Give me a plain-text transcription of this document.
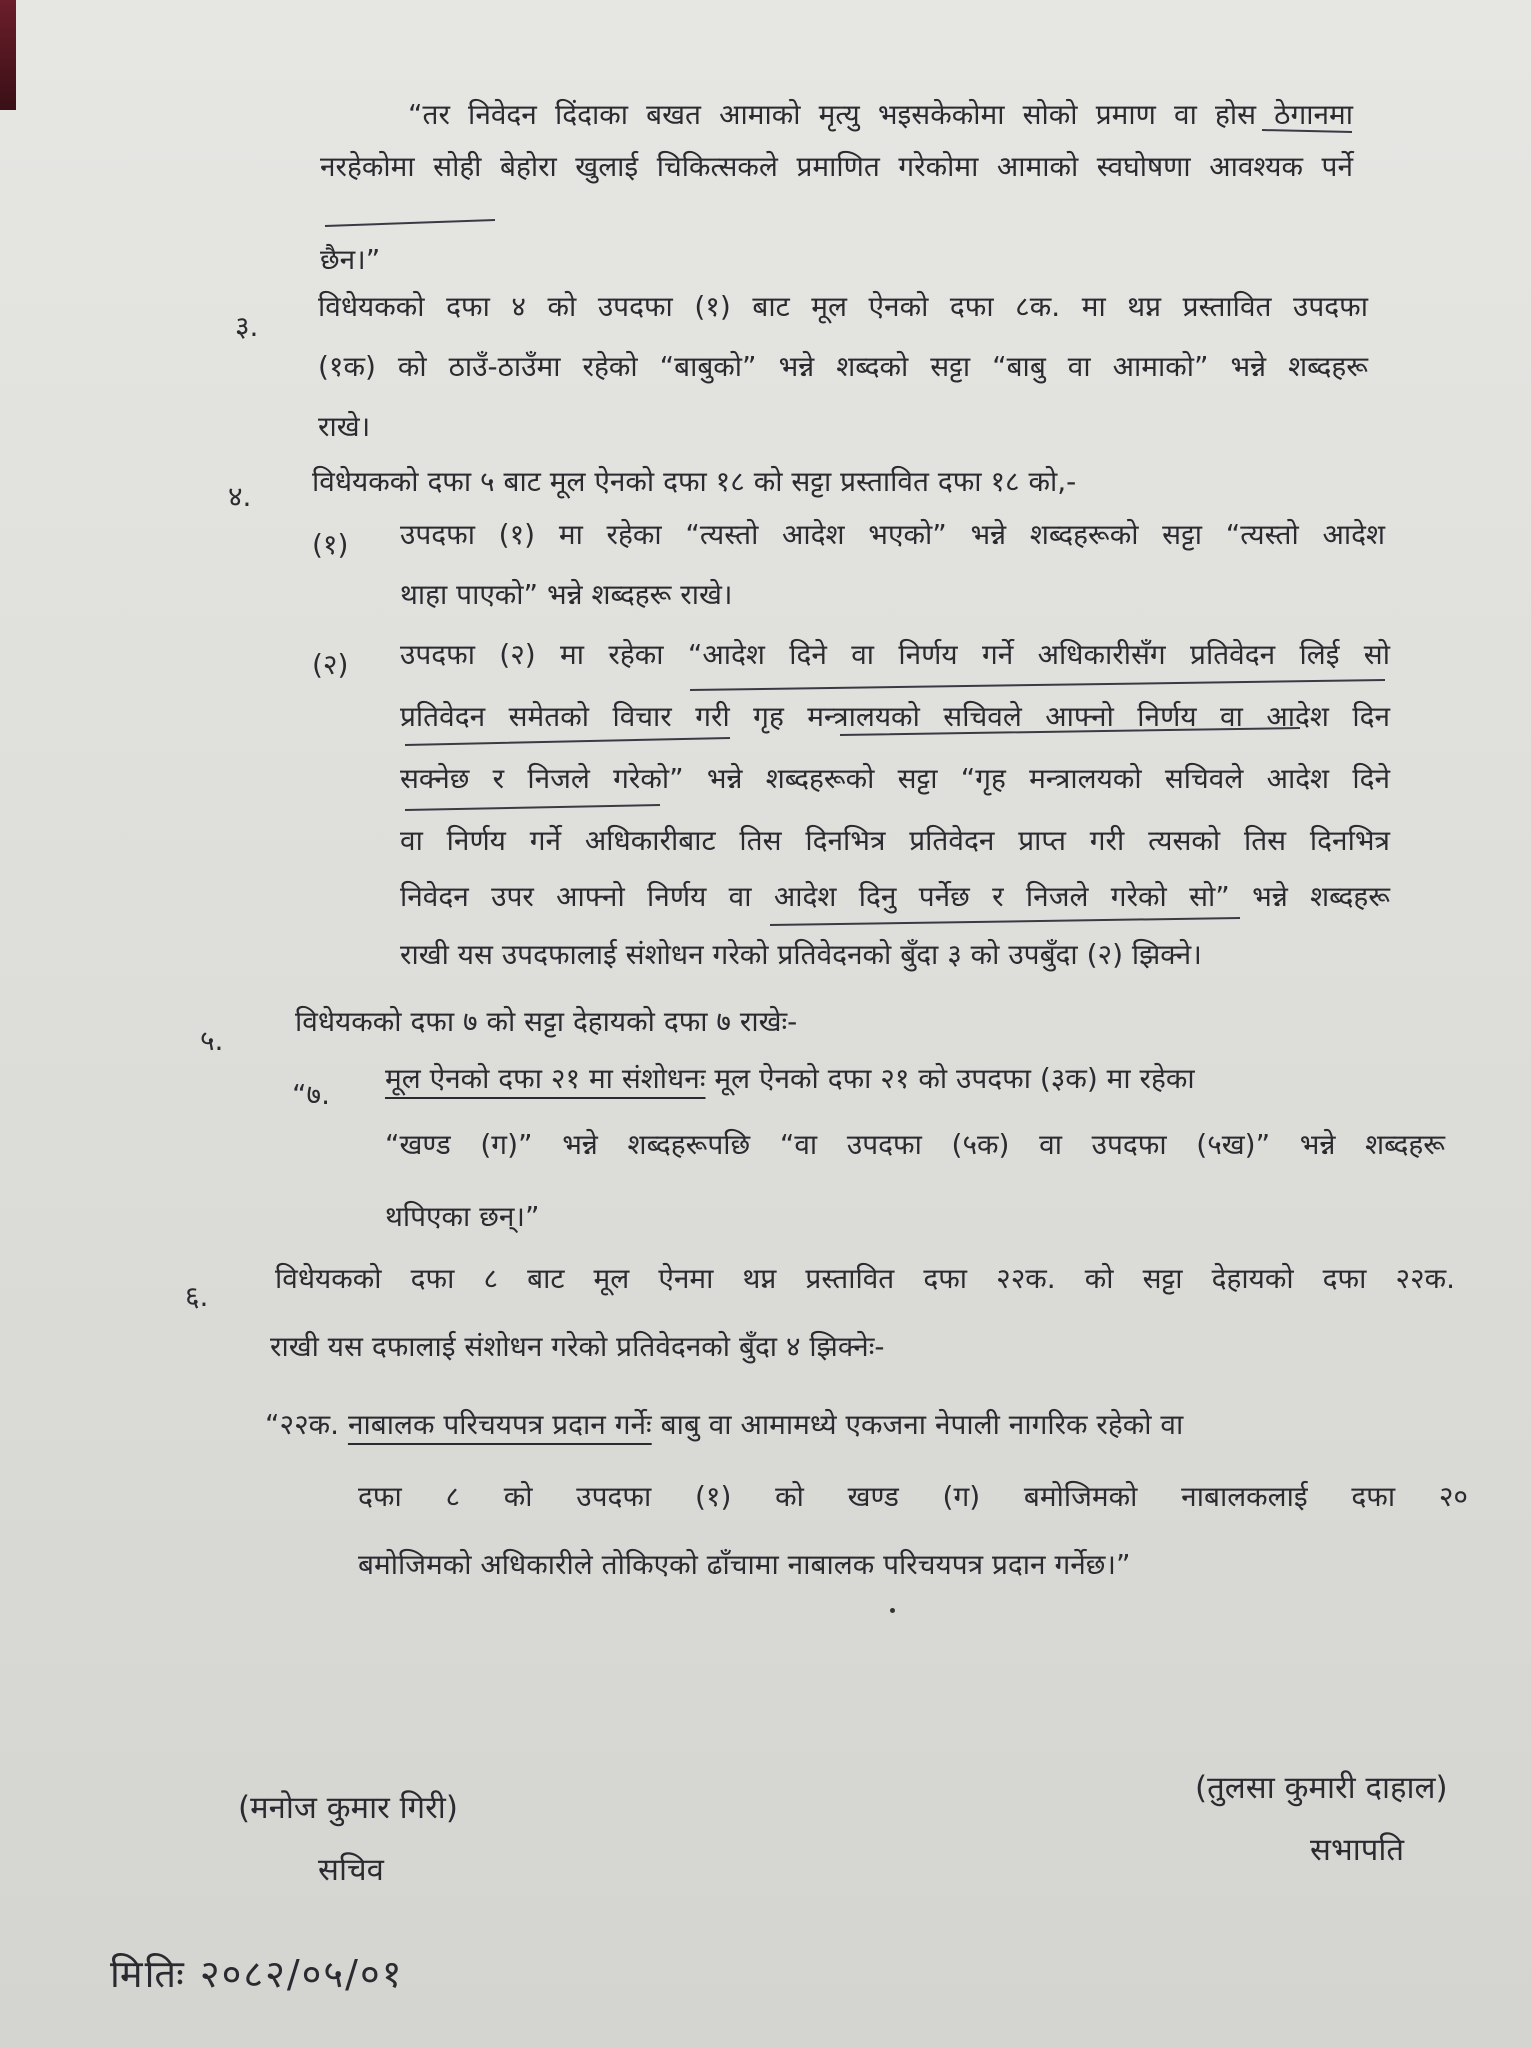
“तर निवेदन दिंदाका बखत आमाको मृत्यु भइसकेकोमा सोको प्रमाण वा होस ठेगानमा
नरहेकोमा सोही बेहोरा खुलाई चिकित्सकले प्रमाणित गरेकोमा आमाको स्वघोषणा आवश्यक पर्ने
छैन।”
३.
विधेयकको दफा ४ को उपदफा (१) बाट मूल ऐनको दफा ८क. मा थप्न प्रस्तावित उपदफा
(१क) को ठाउँ-ठाउँमा रहेको “बाबुको” भन्ने शब्दको सट्टा “बाबु वा आमाको” भन्ने शब्दहरू
राखे।
४. विधेयकको दफा ५ बाट मूल ऐनको दफा १८ को सट्टा प्रस्तावित दफा १८ को,-
(१) उपदफा (१) मा रहेका “त्यस्तो आदेश भएको” भन्ने शब्दहरूको सट्टा “त्यस्तो आदेश
थाहा पाएको” भन्ने शब्दहरू राखे।
(२) उपदफा (२) मा रहेका “आदेश दिने वा निर्णय गर्ने अधिकारीसँग प्रतिवेदन लिई सो
प्रतिवेदन समेतको विचार गरी गृह मन्त्रालयको सचिवले आफ्नो निर्णय वा आदेश दिन
सक्नेछ र निजले गरेको” भन्ने शब्दहरूको सट्टा “गृह मन्त्रालयको सचिवले आदेश दिने
वा निर्णय गर्ने अधिकारीबाट तिस दिनभित्र प्रतिवेदन प्राप्त गरी त्यसको तिस दिनभित्र
निवेदन उपर आफ्नो निर्णय वा आदेश दिनु पर्नेछ र निजले गरेको सो” भन्ने शब्दहरू
राखी यस उपदफालाई संशोधन गरेको प्रतिवेदनको बुँदा ३ को उपबुँदा (२) झिक्ने।
५.
विधेयकको दफा ७ को सट्टा देहायको दफा ७ राखेः-
“७. मूल ऐनको दफा २१ मा संशोधनः मूल ऐनको दफा २१ को उपदफा (३क) मा रहेका
“खण्ड (ग)” भन्ने शब्दहरूपछि “वा उपदफा (५क) वा उपदफा (५ख)” भन्ने शब्दहरू
थपिएका छन्।”
६.
विधेयकको दफा ८ बाट मूल ऐनमा थप्न प्रस्तावित दफा २२क. को सट्टा देहायको दफा २२क.
राखी यस दफालाई संशोधन गरेको प्रतिवेदनको बुँदा ४ झिक्नेः-
“२२क. नाबालक परिचयपत्र प्रदान गर्नेः बाबु वा आमामध्ये एकजना नेपाली नागरिक रहेको वा
दफा ८ को उपदफा (१) को खण्ड (ग) बमोजिमको नाबालकलाई दफा २०
बमोजिमको अधिकारीले तोकिएको ढाँचामा नाबालक परिचयपत्र प्रदान गर्नेछ।”
(मनोज कुमार गिरी)
सचिव
(तुलसा कुमारी दाहाल)
सभापति
मितिः २०८२/०५/०१
